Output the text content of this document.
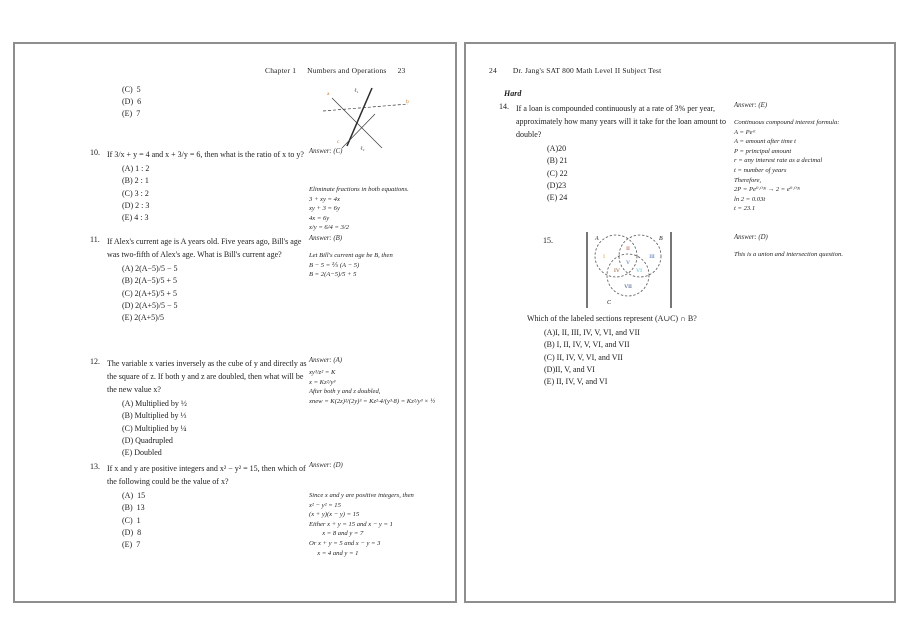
Chapter 1 Numbers and Operations 23
(C)  5
(D)  6
(E)  7
ℓ₁
a
b
c
ℓ₂
10. If 3/x + y = 4 and x + 3/y = 6, then what is the ratio of x to y?
(A) 1 : 2
(B) 2 : 1
(C) 3 : 2
(D) 2 : 3
(E) 4 : 3
Answer: (C)
Eliminate fractions in both equations.
3 + xy = 4x
xy + 3 = 6y
4x = 6y
x/y = 6/4 = 3/2
11. If Alex's current age is A years old. Five years ago, Bill's age was two-fifth of Alex's age. What is Bill's current age?
(A) 2(A−5)/5 − 5
(B) 2(A−5)/5 + 5
(C) 2(A+5)/5 + 5
(D) 2(A+5)/5 − 5
(E) 2(A+5)/5
Answer: (B)
Let Bill's current age be B, then
B − 5 = ⅖ (A − 5)
B = 2(A−5)/5 + 5
12. The variable x varies inversely as the cube of y and directly as the square of z. If both y and z are doubled, then what will be the new value x?
(A) Multiplied by ½
(B) Multiplied by ⅓
(C) Multiplied by ¼
(D) Quadrupled
(E) Doubled
Answer: (A)
xy³/z² = K
x = Kz²/y³
After both y and z doubled,
xnew = K(2z)²/(2y)³ = Kz²·4/(y³·8) = Kz²/y³ × ½
13. If x and y are positive integers and x² − y² = 15, then which of the following could be the value of x?
(A)  15
(B)  13
(C)  1
(D)  8
(E)  7
Answer: (D)
Since x and y are positive integers, then
x² − y² = 15
(x + y)(x − y) = 15
Either x + y = 15 and x − y = 1
x = 8 and y = 7
Or x + y = 5 and x − y = 3
x = 4 and y = 1
24 Dr. Jang's SAT 800 Math Level II Subject Test
Hard
14. If a loan is compounded continuously at a rate of 3% per year, approximately how many years will it take for the loan amount to double?
(A)20
(B) 21
(C) 22
(D)23
(E) 24
Answer: (E)
Continuous compound interest formula:
A = Peʳᵗ
A = amount after time t
P = principal amount
r = any interest rate as a decimal
t = number of years
Therefore,
2P = Pe⁰·⁰³ᵗ → 2 = e⁰·⁰³ᵗ
ln 2 = 0.03t
t = 23.1
15.	A	B
C
I
II
III
IV
V
VI
VII
Which of the labeled sections represent (A∪C) ∩ B?
(A)I, II, III, IV, V, VI, and VII
(B) I, II, IV, V, VI, and VII
(C) II, IV, V, VI, and VII
(D)II, V, and VI
(E) II, IV, V, and VI
Answer: (D)
This is a union and intersection question.
